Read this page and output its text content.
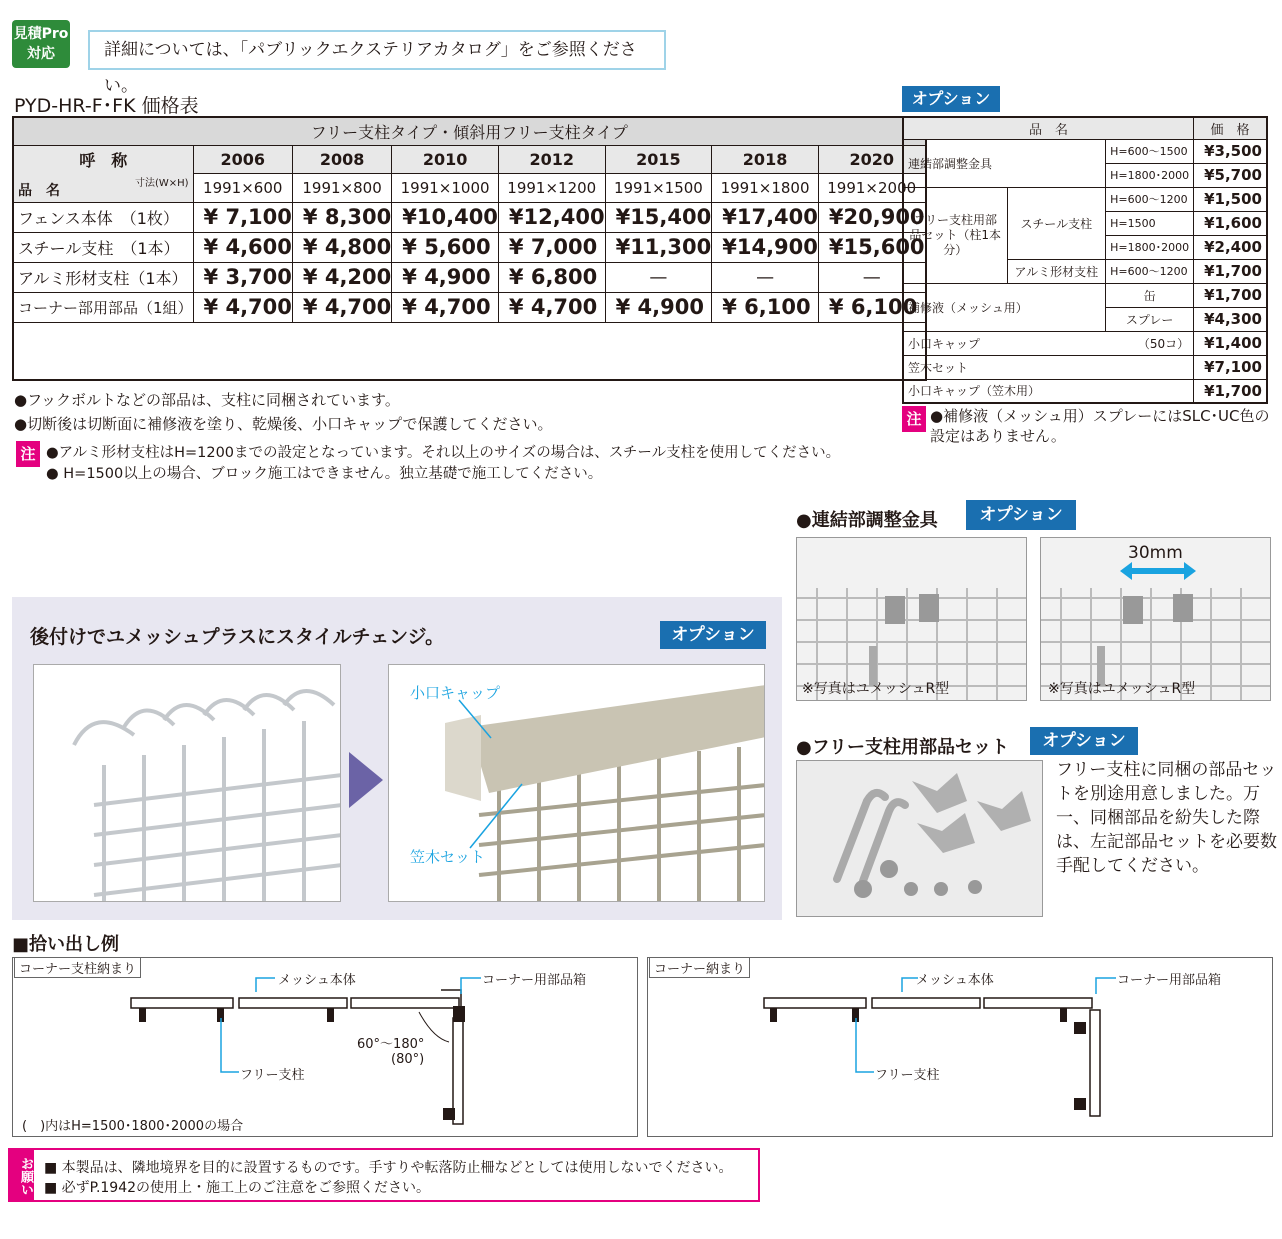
見積Pro
対応	詳細については、「パブリックエクステリアカタログ」をご参照ください。
PYD-HR-F･FK 価格表
フリー支柱タイプ・傾斜用フリー支柱タイプ							
呼　称	2006	2008	2010	2012	2015	2018	2020

品　名 寸法(W×H)	1991×600	1991×800	1991×1000	1991×1200	1991×1500	1991×1800	1991×2000
フェンス本体　（1枚）	¥ 7,100	¥ 8,300	¥10,400	¥12,400	¥15,400	¥17,400	¥20,900
スチール支柱　（1本）	¥ 4,600	¥ 4,800	¥ 5,600	¥ 7,000	¥11,300	¥14,900	¥15,600
アルミ形材支柱（1本）	¥ 3,700	¥ 4,200	¥ 4,900	¥ 6,800	—	—	—
コーナー部用部品（1組）	¥ 4,700	¥ 4,700	¥ 4,700	¥ 4,700	¥ 4,900	¥ 6,100	¥ 6,100

●フックボルトなどの部品は、支柱に同梱されています。
●切断後は切断面に補修液を塗り、乾燥後、小口キャップで保護してください。
注 ●アルミ形材支柱はH=1200までの設定となっています。それ以上のサイズの場合は、スチール支柱を使用してください。
● H=1500以上の場合、ブロック施工はできません。独立基礎で施工してください。
オプション
品　名			価　格
連結部調整金具		H=600～1500	¥3,500
		H=1800･2000	¥5,700
フリー支柱用部品セット（柱1本分）	スチール支柱	H=600～1200	¥1,500
		H=1500	¥1,600
		H=1800･2000	¥2,400
	アルミ形材支柱	H=600～1200	¥1,700
補修液（メッシュ用）		缶	¥1,700
		スプレー	¥4,300
小口キャップ		（50コ）	¥1,400
笠木セット			¥7,100
小口キャップ（笠木用）			¥1,700
注 ●補修液（メッシュ用）スプレーにはSLC･UC色の設定はありません。
●連結部調整金具	オプション
※写真はユメッシュR型
30mm
※写真はユメッシュR型
●フリー支柱用部品セット	オプション
フリー支柱に同梱の部品セットを別途用意しました。万一、同梱部品を紛失した際は、左記部品セットを必要数手配してください。
後付けでユメッシュプラスにスタイルチェンジ。	オプション
小口キャップ
笠木セット
■拾い出し例
コーナー支柱納まり
メッシュ本体	コーナー用部品箱
フリー支柱
60°～180°
(80°)
(　)内はH=1500･1800･2000の場合
コーナー納まり
メッシュ本体	コーナー用部品箱
フリー支柱
お願い ■ 本製品は、隣地境界を目的に設置するものです。手すりや転落防止柵などとしては使用しないでください。
■ 必ずP.1942の使用上・施工上のご注意をご参照ください。
